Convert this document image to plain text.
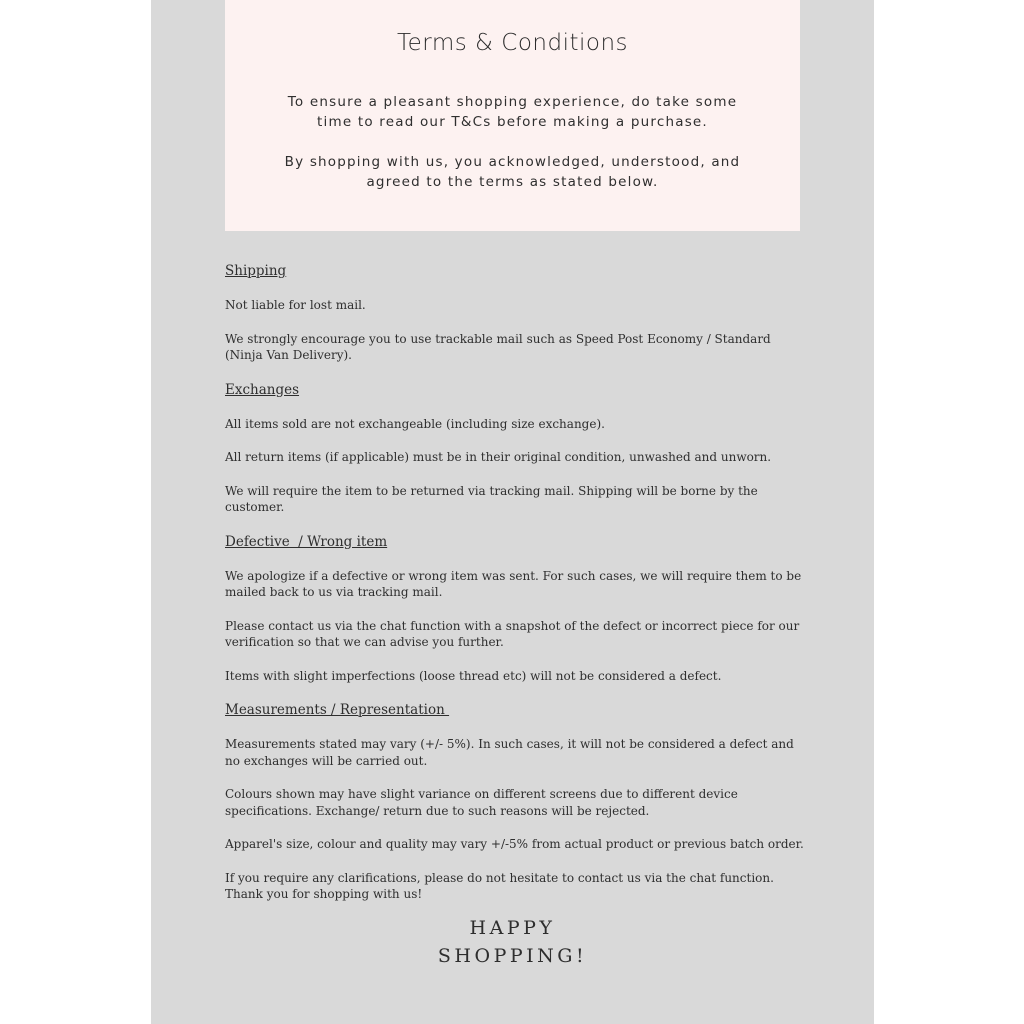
Terms & Conditions

To ensure a pleasant shopping experience, do take some
time to read our T&Cs before making a purchase.

By shopping with us, you acknowledged, understood, and
agreed to the terms as stated below.

Shipping

Not liable for lost mail.

We strongly encourage you to use trackable mail such as Speed Post Economy / Standard (Ninja Van Delivery).

Exchanges

All items sold are not exchangeable (including size exchange).

All return items (if applicable) must be in their original condition, unwashed and unworn.

We will require the item to be returned via tracking mail. Shipping will be borne by the customer.

Defective  / Wrong item

We apologize if a defective or wrong item was sent. For such cases, we will require them to be mailed back to us via tracking mail.

Please contact us via the chat function with a snapshot of the defect or incorrect piece for our verification so that we can advise you further.

Items with slight imperfections (loose thread etc) will not be considered a defect.

Measurements / Representation

Measurements stated may vary (+/- 5%). In such cases, it will not be considered a defect and no exchanges will be carried out.

Colours shown may have slight variance on different screens due to different device specifications. Exchange/ return due to such reasons will be rejected.

Apparel's size, colour and quality may vary +/-5% from actual product or previous batch order.

If you require any clarifications, please do not hesitate to contact us via the chat function. Thank you for shopping with us!

HAPPY
SHOPPING!
